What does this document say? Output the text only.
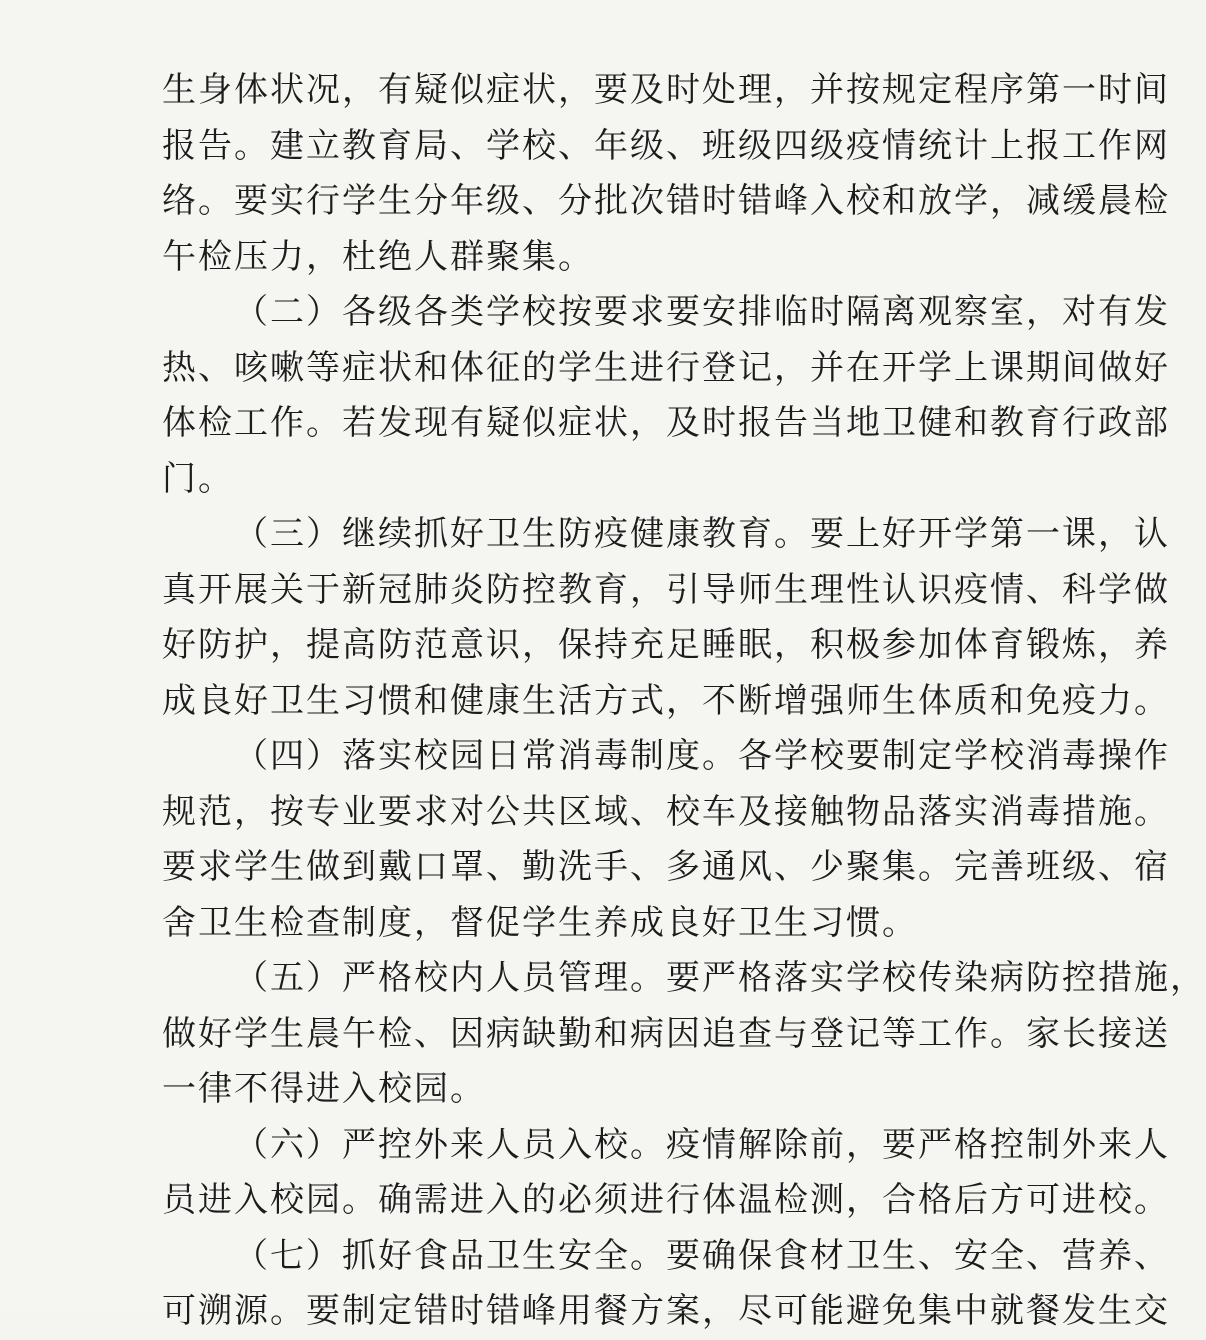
生身体状况，有疑似症状，要及时处理，并按规定程序第一时间
报告。建立教育局、学校、年级、班级四级疫情统计上报工作网
络。要实行学生分年级、分批次错时错峰入校和放学，减缓晨检
午检压力，杜绝人群聚集。
（二）各级各类学校按要求要安排临时隔离观察室，对有发
热、咳嗽等症状和体征的学生进行登记，并在开学上课期间做好
体检工作。若发现有疑似症状，及时报告当地卫健和教育行政部
门。
（三）继续抓好卫生防疫健康教育。要上好开学第一课，认
真开展关于新冠肺炎防控教育，引导师生理性认识疫情、科学做
好防护，提高防范意识，保持充足睡眠，积极参加体育锻炼，养
成良好卫生习惯和健康生活方式，不断增强师生体质和免疫力。
（四）落实校园日常消毒制度。各学校要制定学校消毒操作
规范，按专业要求对公共区域、校车及接触物品落实消毒措施。
要求学生做到戴口罩、勤洗手、多通风、少聚集。完善班级、宿
舍卫生检查制度，督促学生养成良好卫生习惯。
（五）严格校内人员管理。要严格落实学校传染病防控措施，
做好学生晨午检、因病缺勤和病因追查与登记等工作。家长接送
一律不得进入校园。
（六）严控外来人员入校。疫情解除前，要严格控制外来人
员进入校园。确需进入的必须进行体温检测，合格后方可进校。
（七）抓好食品卫生安全。要确保食材卫生、安全、营养、
可溯源。要制定错时错峰用餐方案，尽可能避免集中就餐发生交
